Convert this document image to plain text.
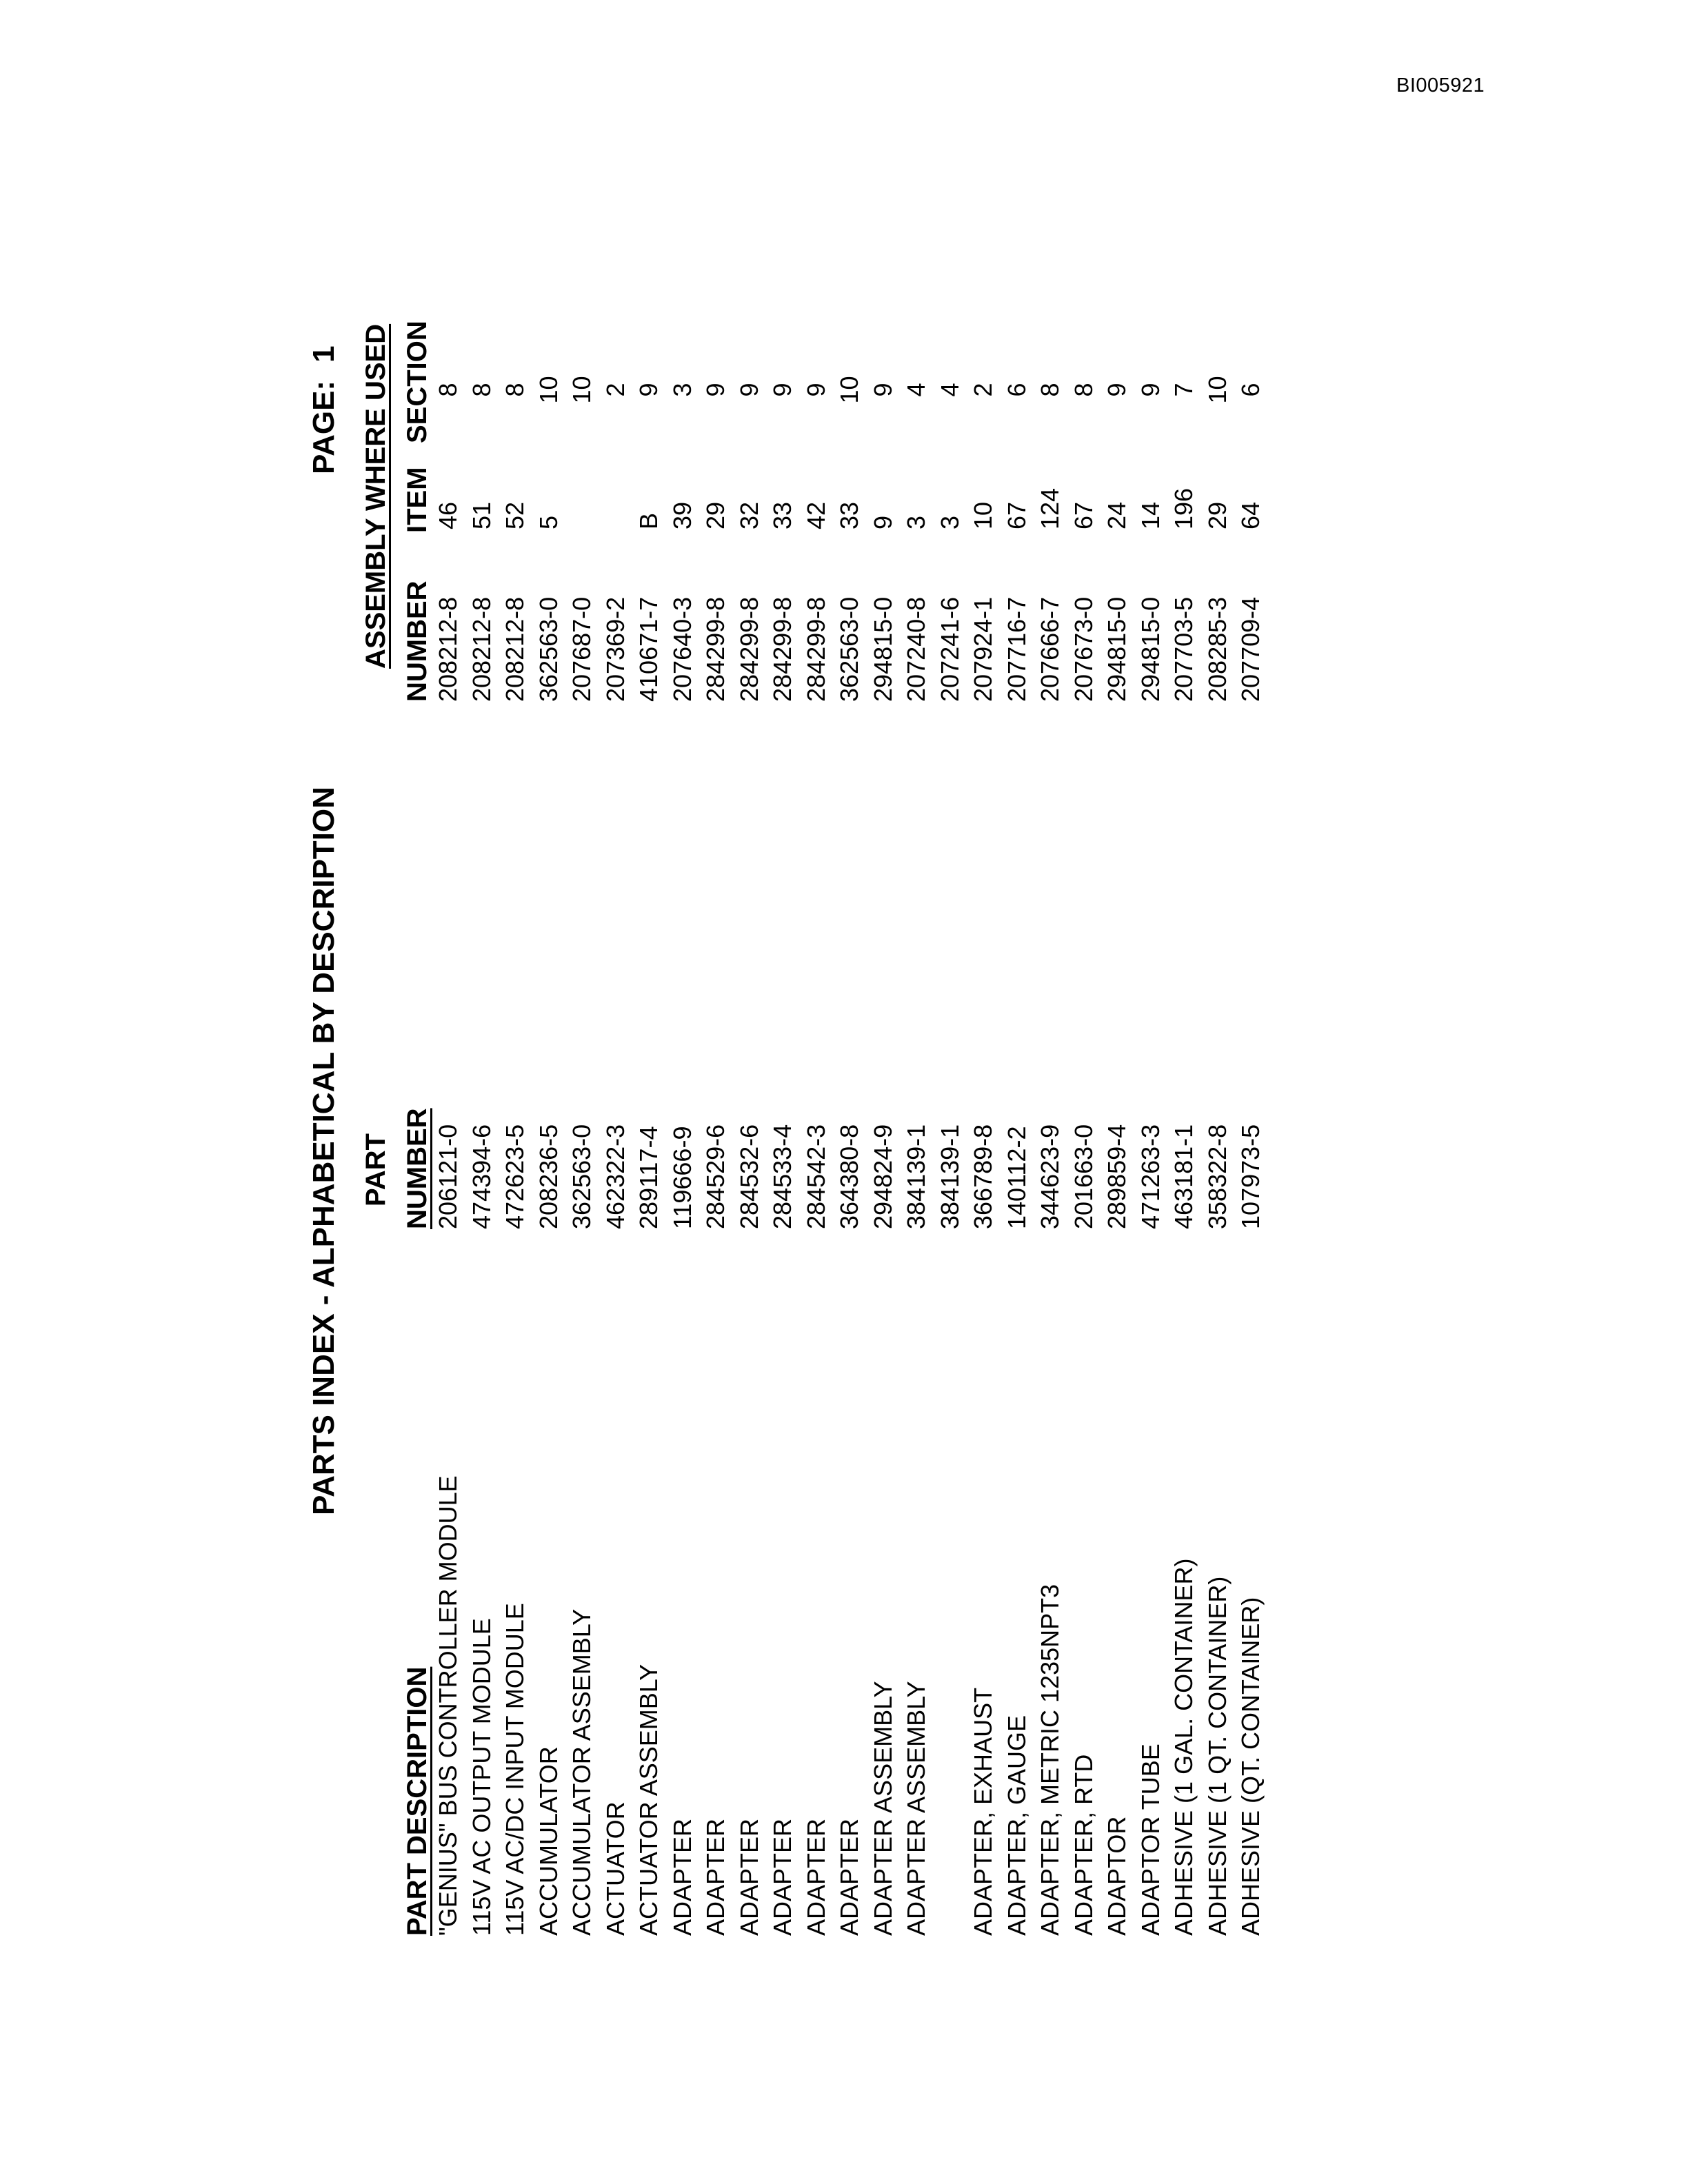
BI005921
PARTS INDEX - ALPHABETICAL BY DESCRIPTION
PAGE:1
PART DESCRIPTION
PART NUMBER
ASSEMBLY WHERE USED NUMBER
ITEM
SECTION
"GENIUS" BUS CONTROLLER MODULE
206121-0
208212-8
46
8
115V AC OUTPUT MODULE
474394-6
208212-8
51
8
115V AC/DC INPUT MODULE
472623-5
208212-8
52
8
ACCUMULATOR
208236-5
362563-0
5
10
ACCUMULATOR ASSEMBLY
362563-0
207687-0
10
ACTUATOR
462322-3
207369-2
2
ACTUATOR ASSEMBLY
289117-4
410671-7
B
9
ADAPTER
119666-9
207640-3
39
3
ADAPTER
284529-6
284299-8
29
9
ADAPTER
284532-6
284299-8
32
9
ADAPTER
284533-4
284299-8
33
9
ADAPTER
284542-3
284299-8
42
9
ADAPTER
364380-8
362563-0
33
10
ADAPTER ASSEMBLY
294824-9
294815-0
9
9
ADAPTER ASSEMBLY
384139-1
207240-8
3
4
384139-1
207241-6
3
4
ADAPTER, EXHAUST
366789-8
207924-1
10
2
ADAPTER, GAUGE
140112-2
207716-7
67
6
ADAPTER, METRIC 1235NPT3
344623-9
207666-7
124
8
ADAPTER, RTD
201663-0
207673-0
67
8
ADAPTOR
289859-4
294815-0
24
9
ADAPTOR TUBE
471263-3
294815-0
14
9
ADHESIVE (1 GAL. CONTAINER)
463181-1
207703-5
196
7
ADHESIVE (1 QT. CONTAINER)
358322-8
208285-3
29
10
ADHESIVE (QT. CONTAINER)
107973-5
207709-4
64
6
